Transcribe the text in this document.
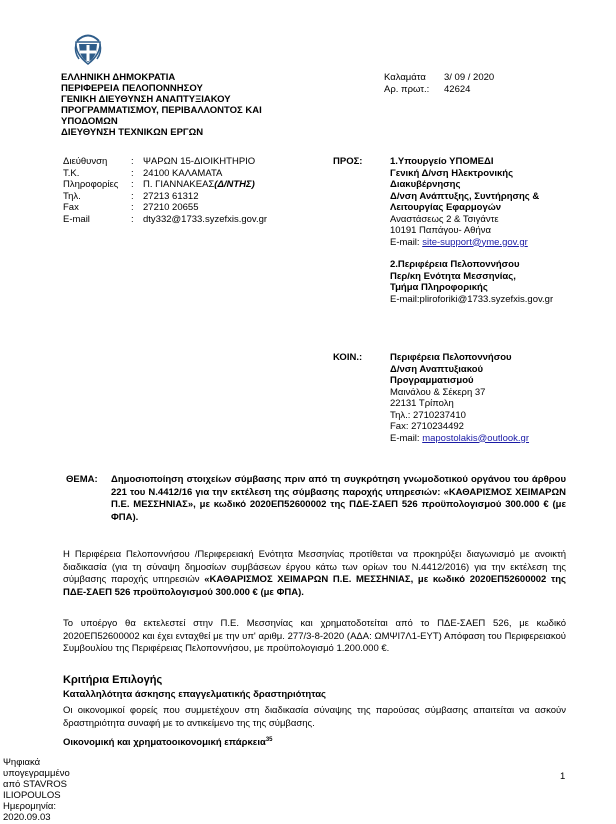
ΕΛΛΗΝΙΚΗ ΔΗΜΟΚΡΑΤΙΑ
ΠΕΡΙΦΕΡΕΙΑ ΠΕΛΟΠΟΝΝΗΣΟΥ
ΓΕΝΙΚΗ ΔΙΕΥΘΥΝΣΗ ΑΝΑΠΤΥΞΙΑΚΟΥ
ΠΡΟΓΡΑΜΜΑΤΙΣΜΟΥ, ΠΕΡΙΒΑΛΛΟΝΤΟΣ ΚΑΙ
ΥΠΟΔΟΜΩΝ
ΔΙΕΥΘΥΝΣΗ ΤΕΧΝΙΚΩΝ ΕΡΓΩΝ
Καλαμάτα	3/ 09 / 2020
Αρ. πρωτ.:	42624
Διεύθυνση	: ΨΑΡΩΝ 15-ΔΙΟΙΚΗΤΗΡΙΟ
Τ.Κ.	: 24100 ΚΑΛΑΜΑΤΑ
Πληροφορίες	: Π. ΓΙΑΝΝΑΚΕΑΣ (Δ/ΝΤΗΣ)
Τηλ.	: 27213 61312
Fax	: 27210 20655
E-mail	: dty332@1733.syzefxis.gov.gr
ΠΡΟΣ:	1.Υπουργείο ΥΠΟΜΕΔΙ
Γενική Δ/νση Ηλεκτρονικής
Διακυβέρνησης
Δ/νση Ανάπτυξης, Συντήρησης &
Λειτουργίας Εφαρμογών
Αναστάσεως 2 & Τσιγάντε
10191 Παπάγου- Αθήνα
E-mail: site-support@yme.gov.gr
2.Περιφέρεια Πελοποννήσου
Περ/κη Ενότητα Μεσσηνίας,
Τμήμα Πληροφορικής
E-mail:pliroforiki@1733.syzefxis.gov.gr
ΚΟΙΝ.:	Περιφέρεια Πελοποννήσου
Δ/νση Αναπτυξιακού
Προγραμματισμού
Μαινάλου & Σέκερη 37
22131 Τρίπολη
Τηλ.: 2710237410
Fax: 2710234492
E-mail: mapostolakis@outlook.gr
ΘΕΜΑ: Δημοσιοποίηση στοιχείων σύμβασης πριν από τη συγκρότηση γνωμοδοτικού οργάνου του άρθρου 221 του Ν.4412/16 για την εκτέλεση της σύμβασης παροχής υπηρεσιών: «ΚΑΘΑΡΙΣΜΟΣ ΧΕΙΜΑΡΩΝ Π.Ε. ΜΕΣΣΗΝΙΑΣ», με κωδικό 2020ΕΠ52600002 της ΠΔΕ-ΣΑΕΠ 526 προϋπολογισμού 300.000 € (με ΦΠΑ).
Η Περιφέρεια Πελοποννήσου /Περιφερειακή Ενότητα Μεσσηνίας προτίθεται να προκηρύξει διαγωνισμό με ανοικτή διαδικασία (για τη σύναψη δημοσίων συμβάσεων έργου κάτω των ορίων του Ν.4412/2016) για την εκτέλεση της σύμβασης παροχής υπηρεσιών «ΚΑΘΑΡΙΣΜΟΣ ΧΕΙΜΑΡΩΝ Π.Ε. ΜΕΣΣΗΝΙΑΣ, με κωδικό 2020ΕΠ52600002 της ΠΔΕ-ΣΑΕΠ 526 προϋπολογισμού 300.000 € (με ΦΠΑ).
Το υποέργο θα εκτελεστεί στην Π.Ε. Μεσσηνίας και χρηματοδοτείται από το ΠΔΕ-ΣΑΕΠ 526, με κωδικό 2020ΕΠ52600002 και έχει ενταχθεί με την υπ' αριθμ. 277/3-8-2020 (ΑΔΑ: ΩΜΨΙ7Λ1-ΕΥΤ) Απόφαση του Περιφερειακού Συμβουλίου της Περιφέρειας Πελοποννήσου, με προϋπολογισμό 1.200.000 €.
Κριτήρια Επιλογής
Καταλληλότητα άσκησης επαγγελματικής δραστηριότητας
Οι οικονομικοί φορείς που συμμετέχουν στη διαδικασία σύναψης της παρούσας σύμβασης απαιτείται να ασκούν δραστηριότητα συναφή με το αντικείμενο της της σύμβασης.
Οικονομική και χρηματοοικονομική επάρκεια$^{35}$
Ψηφιακά
υπογεγραμμένο
από STAVROS
ILIOPOULOS
Ημερομηνία:
2020.09.03
1
